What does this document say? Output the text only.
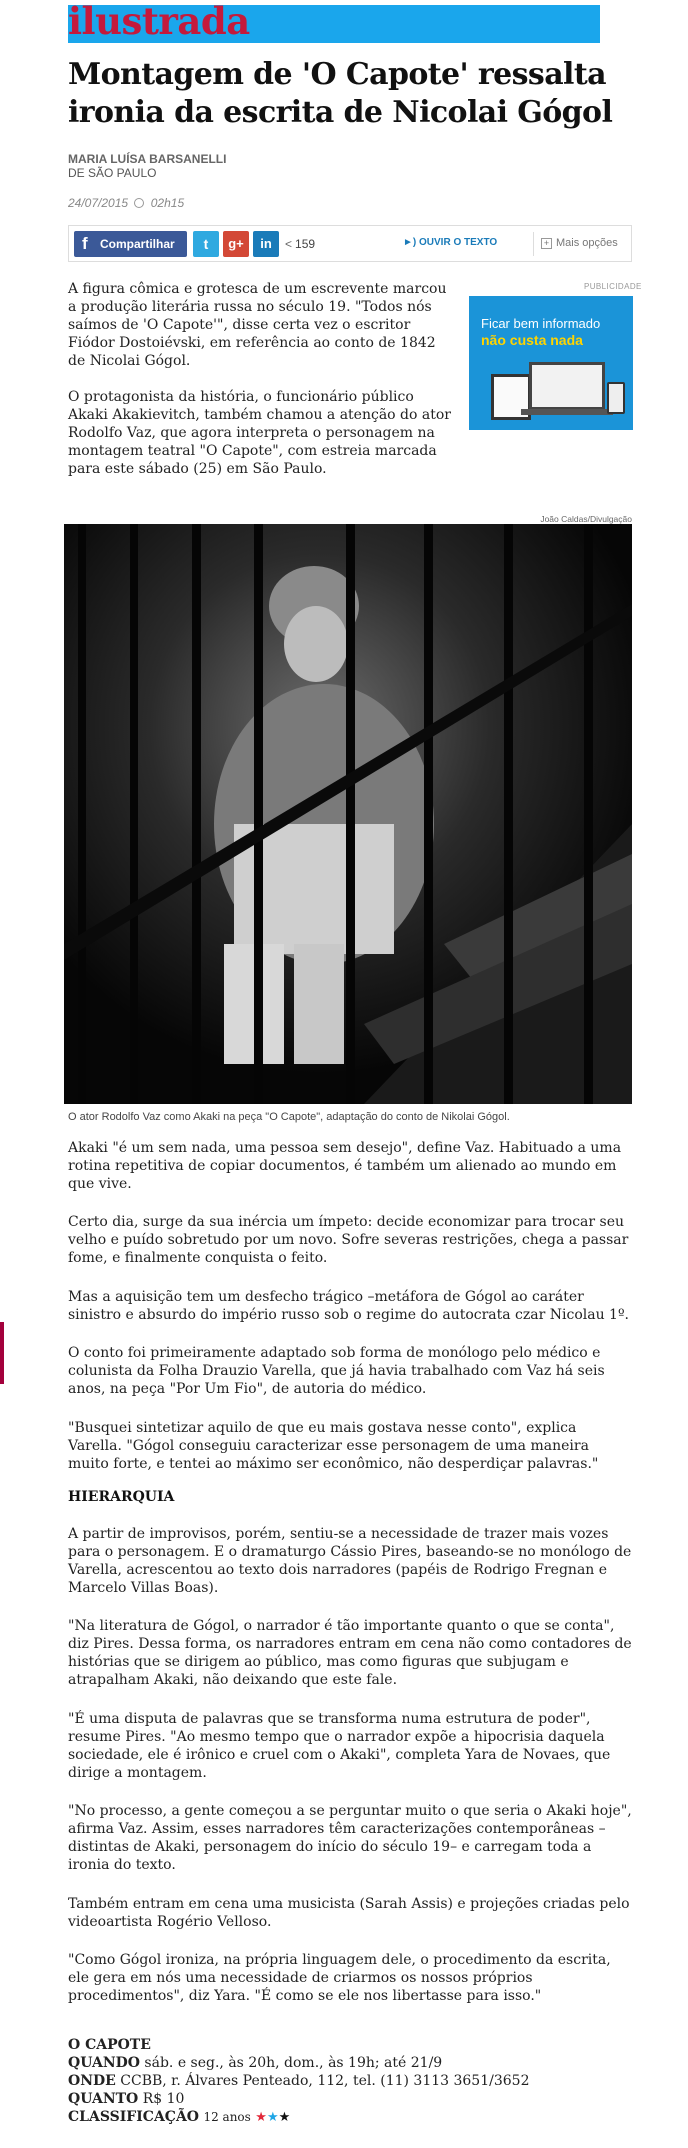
ilustrada
Montagem de 'O Capote' ressalta ironia da escrita de Nicolai Gógol
MARIA LUÍSA BARSANELLI
DE SÃO PAULO
24/07/2015 02h15
f Compartilhar	t	g+	in	< 159	►) OUVIR O TEXTO	+ Mais opções
PUBLICIDADE
Ficar bem informado
não custa nada

A figura cômica e grotesca de um escrevente marcou a produção literária russa no século 19. "Todos nós saímos de 'O Capote'", disse certa vez o escritor Fiódor Dostoiévski, em referência ao conto de 1842 de Nicolai Gógol.

O protagonista da história, o funcionário público Akaki Akakievitch, também chamou a atenção do ator Rodolfo Vaz, que agora interpreta o personagem na montagem teatral "O Capote", com estreia marcada para este sábado (25) em São Paulo.

João Caldas/Divulgação
O ator Rodolfo Vaz como Akaki na peça "O Capote", adaptação do conto de Nikolai Gógol.

Akaki "é um sem nada, uma pessoa sem desejo", define Vaz. Habituado a uma rotina repetitiva de copiar documentos, é também um alienado ao mundo em que vive.

Certo dia, surge da sua inércia um ímpeto: decide economizar para trocar seu velho e puído sobretudo por um novo. Sofre severas restrições, chega a passar fome, e finalmente conquista o feito.

Mas a aquisição tem um desfecho trágico –metáfora de Gógol ao caráter sinistro e absurdo do império russo sob o regime do autocrata czar Nicolau 1º.

O conto foi primeiramente adaptado sob forma de monólogo pelo médico e colunista da Folha Drauzio Varella, que já havia trabalhado com Vaz há seis anos, na peça "Por Um Fio", de autoria do médico.

"Busquei sintetizar aquilo de que eu mais gostava nesse conto", explica Varella. "Gógol conseguiu caracterizar esse personagem de uma maneira muito forte, e tentei ao máximo ser econômico, não desperdiçar palavras."

HIERARQUIA

A partir de improvisos, porém, sentiu-se a necessidade de trazer mais vozes para o personagem. E o dramaturgo Cássio Pires, baseando-se no monólogo de Varella, acrescentou ao texto dois narradores (papéis de Rodrigo Fregnan e Marcelo Villas Boas).

"Na literatura de Gógol, o narrador é tão importante quanto o que se conta", diz Pires. Dessa forma, os narradores entram em cena não como contadores de histórias que se dirigem ao público, mas como figuras que subjugam e atrapalham Akaki, não deixando que este fale.

"É uma disputa de palavras que se transforma numa estrutura de poder", resume Pires. "Ao mesmo tempo que o narrador expõe a hipocrisia daquela sociedade, ele é irônico e cruel com o Akaki", completa Yara de Novaes, que dirige a montagem.

"No processo, a gente começou a se perguntar muito o que seria o Akaki hoje", afirma Vaz. Assim, esses narradores têm caracterizações contemporâneas – distintas de Akaki, personagem do início do século 19– e carregam toda a ironia do texto.

Também entram em cena uma musicista (Sarah Assis) e projeções criadas pelo videoartista Rogério Velloso.

"Como Gógol ironiza, na própria linguagem dele, o procedimento da escrita, ele gera em nós uma necessidade de criarmos os nossos próprios procedimentos", diz Yara. "É como se ele nos libertasse para isso."

O CAPOTE
QUANDO sáb. e seg., às 20h, dom., às 19h; até 21/9
ONDE CCBB, r. Álvares Penteado, 112, tel. (11) 3113 3651/3652
QUANTO R$ 10
CLASSIFICAÇÃO 12 anos ★★★
